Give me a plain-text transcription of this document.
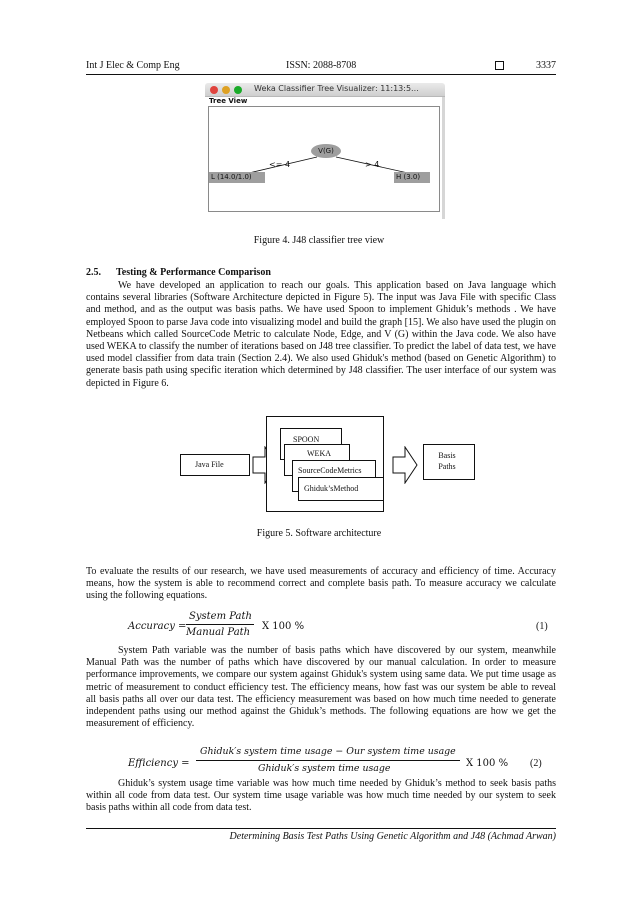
Int J Elec & Comp Eng	ISSN: 2088-8708	3337
Weka Classifier Tree Visualizer: 11:13:5...
Tree View
V(G)
<= 4	> 4
L (14.0/1.0)	H (3.0)
Figure 4. J48 classifier tree view
2.5. Testing & Performance Comparison
We have developed an application to reach our goals. This application based on Java language which contains several libraries (Software Architecture depicted in Figure 5). The input was Java File with specific Class and method, and as the output was basis paths. We have used Spoon to implement Ghiduk’s methods . We have employed Spoon to parse Java code into visualizing model and build the graph [15]. We also have used the plugin on Netbeans which called SourceCode Metric to calculate Node, Edge, and V (G) within the Java code. We also have used WEKA to classify the number of iterations based on J48 tree classifier. To predict the label of data test, we have used model classifier from data train (Section 2.4). We also used Ghiduk's method (based on Genetic Algorithm) to generate basis path using specific iteration which determined by J48 classifier. The user interface of our system was depicted in Figure 6.
Java File
SPOON
WEKA
SourceCodeMetrics
Ghiduk’sMethod
Basis Paths
Figure 5. Software architecture
To evaluate the results of our research, we have used measurements of accuracy and efficiency of time. Accuracy means, how the system is able to recommend correct and complete basis path. To measure accuracy we calculate using the following equations.
Accuracy =
System Path
Manual Path
X 100 %	(1)
System Path variable was the number of basis paths which have discovered by our system, meanwhile Manual Path was the number of paths which have discovered by our manual calculation. In order to measure performance improvements, we compare our system against Ghiduk's system using same data. We put time usage as metric of measurement to conduct efficiency test. The efficiency means, how fast was our system be able to reveal all basis paths all over our data test. The efficiency measurement was based on how much time needed to generate independent paths using our method against the Ghiduk’s methods. The following equations are how we get the measurement of efficiency.
Efficiency =
Ghiduk′s system time usage − Our system time usage
Ghiduk′s system time usage	X 100 % (2)
Ghiduk’s system usage time variable was how much time needed by Ghiduk’s method to seek basis paths within all code from data test. Our system time usage variable was how much time needed by our system to seek basis paths within all code from data test.
Determining Basis Test Paths Using Genetic Algorithm and J48 (Achmad Arwan)
